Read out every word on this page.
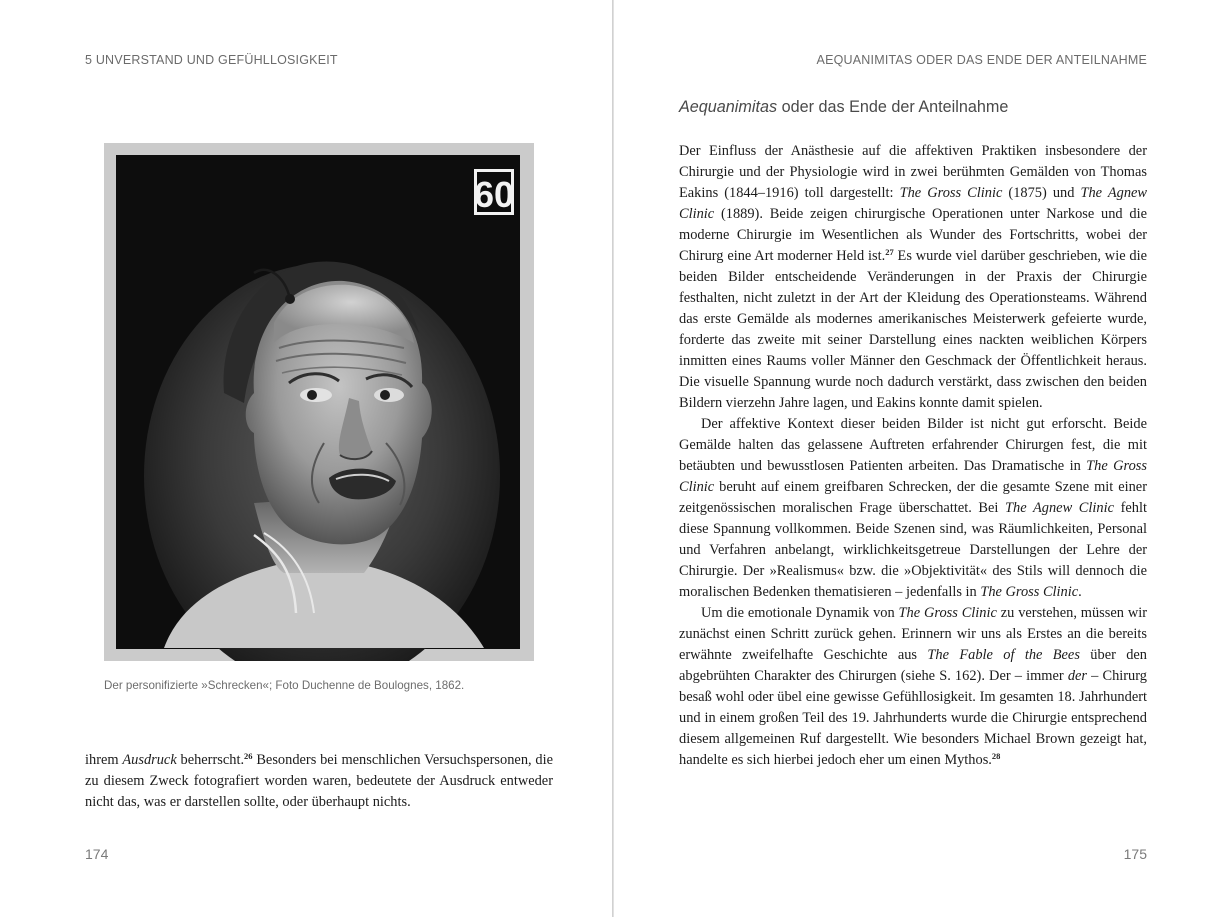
5 UNVERSTAND UND GEFÜHLLOSIGKEIT
60
Der personifizierte »Schrecken«; Foto Duchenne de Boulognes, 1862.

ihrem Ausdruck beherrscht.$^{26}$ Besonders bei menschlichen Versuchspersonen, die zu diesem Zweck fotografiert worden waren, bedeutete der Ausdruck entweder nicht das, was er darstellen sollte, oder überhaupt nichts.

174
AEQUANIMITAS ODER DAS ENDE DER ANTEILNAHME
Aequanimitas oder das Ende der Anteilnahme

Der Einfluss der Anästhesie auf die affektiven Praktiken insbesondere der Chirurgie und der Physiologie wird in zwei berühmten Gemälden von Thomas Eakins (1844–1916) toll dargestellt: The Gross Clinic (1875) und The Agnew Clinic (1889). Beide zeigen chirurgische Operationen unter Narkose und die moderne Chirurgie im Wesentlichen als Wunder des Fortschritts, wobei der Chirurg eine Art moderner Held ist.$^{27}$ Es wurde viel darüber geschrieben, wie die beiden Bilder entscheidende Veränderungen in der Praxis der Chirurgie festhalten, nicht zuletzt in der Art der Kleidung des Operationsteams. Während das erste Gemälde als modernes amerikanisches Meisterwerk gefeierte wurde, forderte das zweite mit seiner Darstellung eines nackten weiblichen Körpers inmitten eines Raums voller Männer den Geschmack der Öffentlichkeit heraus. Die visuelle Spannung wurde noch dadurch verstärkt, dass zwischen den beiden Bildern vierzehn Jahre lagen, und Eakins konnte damit spielen.

Der affektive Kontext dieser beiden Bilder ist nicht gut erforscht. Beide Gemälde halten das gelassene Auftreten erfahrender Chirurgen fest, die mit betäubten und bewusstlosen Patienten arbeiten. Das Dramatische in The Gross Clinic beruht auf einem greifbaren Schrecken, der die gesamte Szene mit einer zeitgenössischen moralischen Frage überschattet. Bei The Agnew Clinic fehlt diese Spannung vollkommen. Beide Szenen sind, was Räumlichkeiten, Personal und Verfahren anbelangt, wirklichkeitsgetreue Darstellungen der Lehre der Chirurgie. Der »Realismus« bzw. die »Objektivität« des Stils will dennoch die moralischen Bedenken thematisieren – jedenfalls in The Gross Clinic.

Um die emotionale Dynamik von The Gross Clinic zu verstehen, müssen wir zunächst einen Schritt zurück gehen. Erinnern wir uns als Erstes an die bereits erwähnte zweifelhafte Geschichte aus The Fable of the Bees über den abgebrühten Charakter des Chirurgen (siehe S. 162). Der – immer der – Chirurg besaß wohl oder übel eine gewisse Gefühllosigkeit. Im gesamten 18. Jahrhundert und in einem großen Teil des 19. Jahrhunderts wurde die Chirurgie entsprechend diesem allgemeinen Ruf dargestellt. Wie besonders Michael Brown gezeigt hat, handelte es sich hierbei jedoch eher um einen Mythos.$^{28}$

175
